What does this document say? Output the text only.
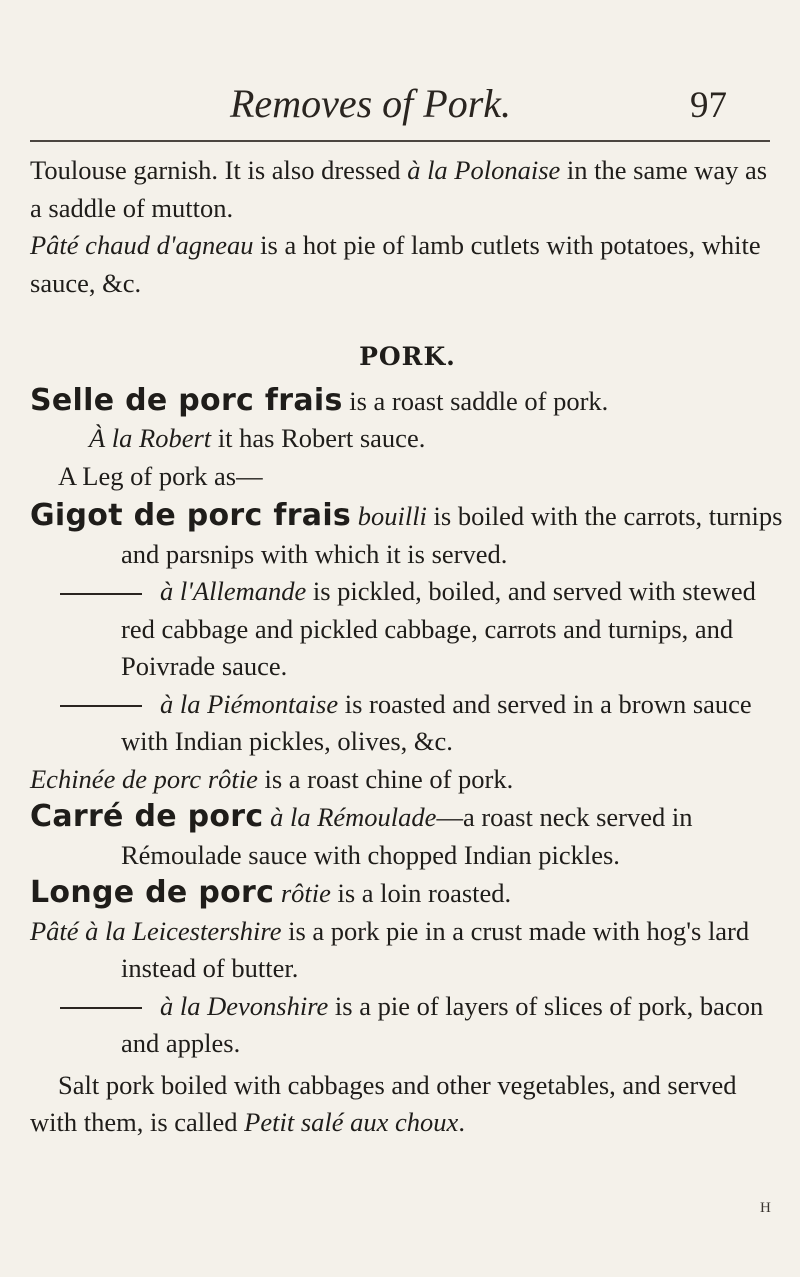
Removes of Pork.	97

Toulouse garnish. It is also dressed à la Polonaise in the same way as a saddle of mutton.

Pâté chaud d'agneau is a hot pie of lamb cutlets with potatoes, white sauce, &c.

PORK.

Selle de porc frais is a roast saddle of pork.

À la Robert it has Robert sauce.

A Leg of pork as—

Gigot de porc frais bouilli is boiled with the carrots, turnips and parsnips with which it is served.

à l'Allemande is pickled, boiled, and served with stewed red cabbage and pickled cabbage, carrots and turnips, and Poivrade sauce.

à la Piémontaise is roasted and served in a brown sauce with Indian pickles, olives, &c.

Echinée de porc rôtie is a roast chine of pork.

Carré de porc à la Rémoulade—a roast neck served in Rémoulade sauce with chopped Indian pickles.

Longe de porc rôtie is a loin roasted.

Pâté à la Leicestershire is a pork pie in a crust made with hog's lard instead of butter.

à la Devonshire is a pie of layers of slices of pork, bacon and apples.

Salt pork boiled with cabbages and other vegetables, and served with them, is called Petit salé aux choux.

H
